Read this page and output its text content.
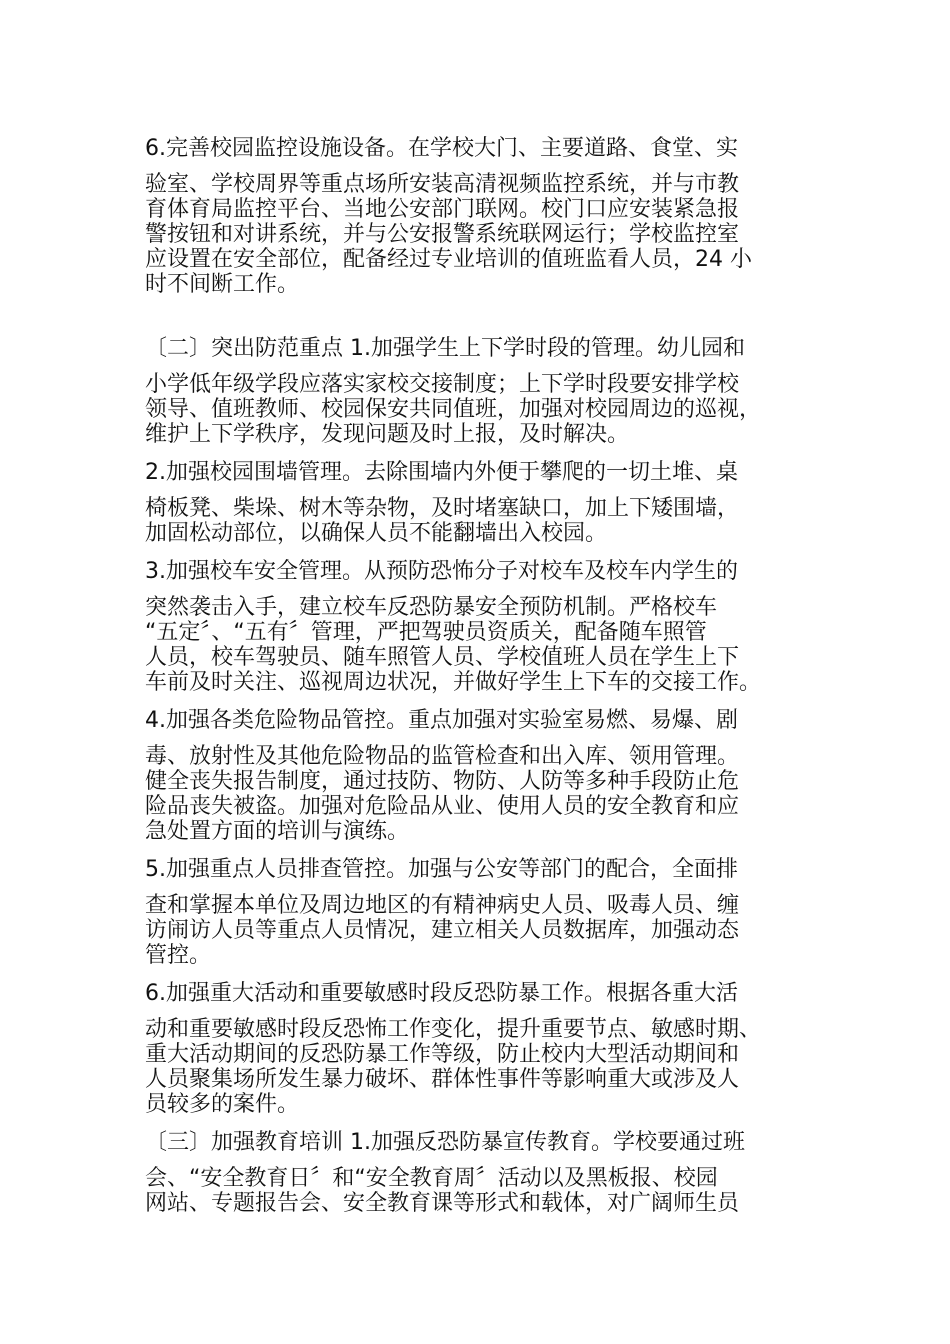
6.完善校园监控设施设备。在学校大门、主要道路、食堂、实
验室、学校周界等重点场所安装高清视频监控系统，并与市教
育体育局监控平台、当地公安部门联网。校门口应安装紧急报
警按钮和对讲系统，并与公安报警系统联网运行；学校监控室
应设置在安全部位，配备经过专业培训的值班监看人员，24 小
时不间断工作。
〔二〕突出防范重点 1.加强学生上下学时段的管理。幼儿园和
小学低年级学段应落实家校交接制度；上下学时段要安排学校
领导、值班教师、校园保安共同值班，加强对校园周边的巡视，
维护上下学秩序，发现问题及时上报，及时解决。
2.加强校园围墙管理。去除围墙内外便于攀爬的一切土堆、桌
椅板凳、柴垛、树木等杂物，及时堵塞缺口，加上下矮围墙，
加固松动部位，以确保人员不能翻墙出入校园。
3.加强校车安全管理。从预防恐怖分子对校车及校车内学生的
突然袭击入手，建立校车反恐防暴安全预防机制。严格校车
“五定〞、“五有〞管理，严把驾驶员资质关，配备随车照管
人员，校车驾驶员、随车照管人员、学校值班人员在学生上下
车前及时关注、巡视周边状况，并做好学生上下车的交接工作。
4.加强各类危险物品管控。重点加强对实验室易燃、易爆、剧
毒、放射性及其他危险物品的监管检查和出入库、领用管理。
健全丧失报告制度，通过技防、物防、人防等多种手段防止危
险品丧失被盗。加强对危险品从业、使用人员的安全教育和应
急处置方面的培训与演练。
5.加强重点人员排查管控。加强与公安等部门的配合，全面排
查和掌握本单位及周边地区的有精神病史人员、吸毒人员、缠
访闹访人员等重点人员情况，建立相关人员数据库，加强动态
管控。
6.加强重大活动和重要敏感时段反恐防暴工作。根据各重大活
动和重要敏感时段反恐怖工作变化，提升重要节点、敏感时期、
重大活动期间的反恐防暴工作等级，防止校内大型活动期间和
人员聚集场所发生暴力破坏、群体性事件等影响重大或涉及人
员较多的案件。
〔三〕加强教育培训 1.加强反恐防暴宣传教育。学校要通过班
会、“安全教育日〞和“安全教育周〞活动以及黑板报、校园
网站、专题报告会、安全教育课等形式和载体，对广阔师生员
